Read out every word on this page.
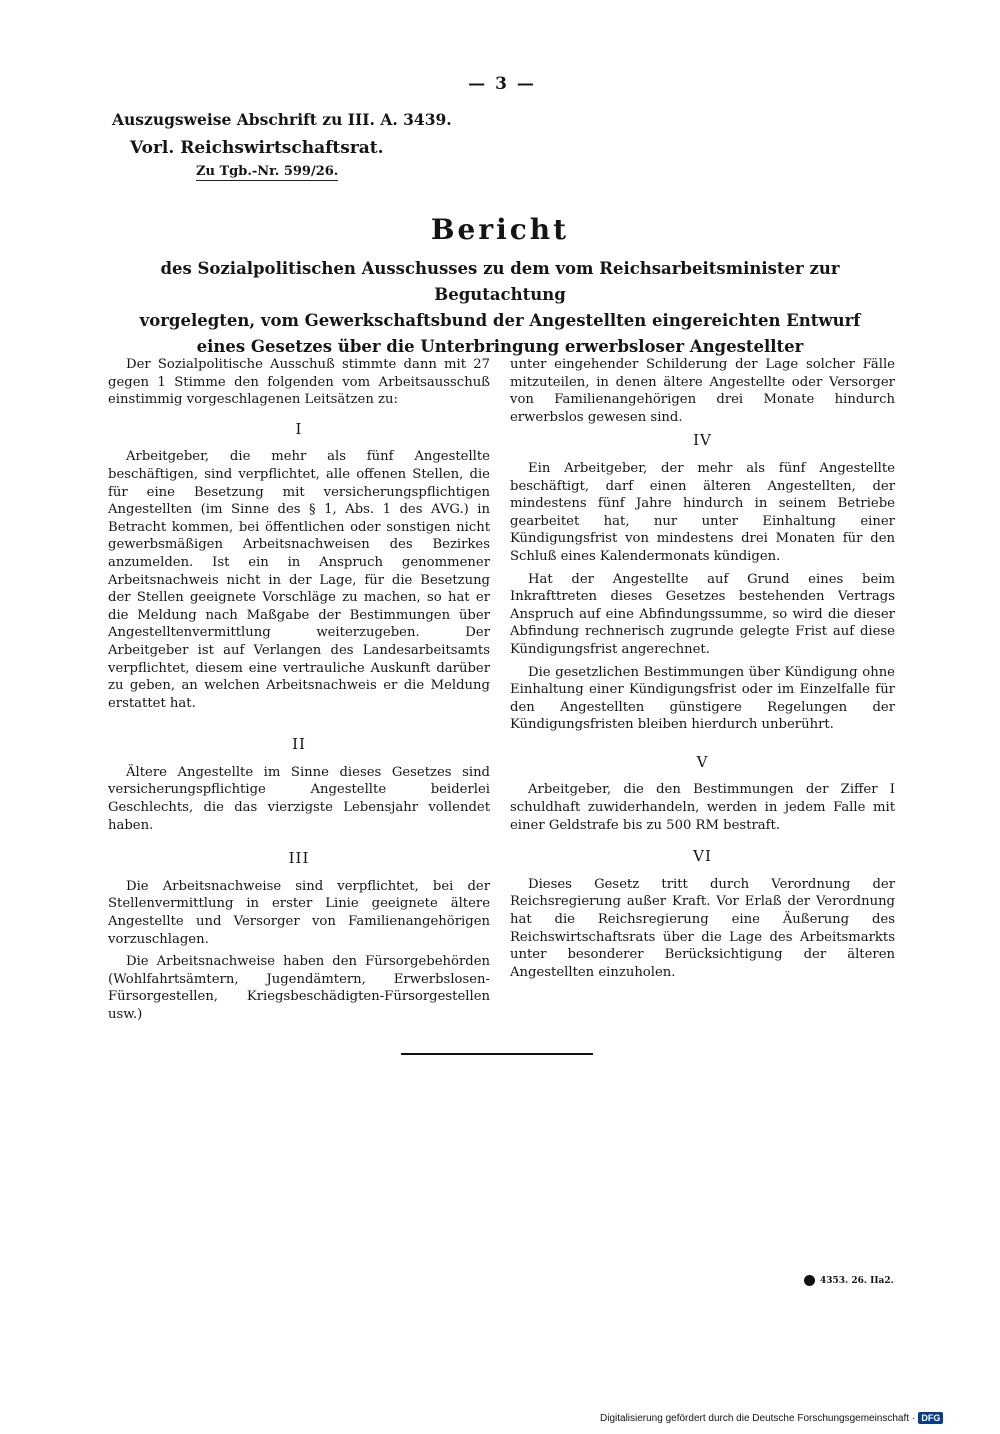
— 3 —
Auszugsweise Abschrift zu III. A. 3439.
Vorl. Reichswirtschaftsrat.
Zu Tgb.-Nr. 599/26.
Bericht
des Sozialpolitischen Ausschusses zu dem vom Reichsarbeitsminister zur Begutachtung
vorgelegten, vom Gewerkschaftsbund der Angestellten eingereichten Entwurf
eines Gesetzes über die Unterbringung erwerbsloser Angestellter

Der Sozialpolitische Ausschuß stimmte dann mit 27 gegen 1 Stimme den folgenden vom Arbeitsausschuß einstimmig vorgeschlagenen Leitsätzen zu:

I

Arbeitgeber, die mehr als fünf Angestellte beschäftigen, sind verpflichtet, alle offenen Stellen, die für eine Besetzung mit versicherungspflichtigen Angestellten (im Sinne des § 1, Abs. 1 des AVG.) in Betracht kommen, bei öffentlichen oder sonstigen nicht gewerbsmäßigen Arbeitsnachweisen des Bezirkes anzumelden. Ist ein in Anspruch genommener Arbeitsnachweis nicht in der Lage, für die Besetzung der Stellen geeignete Vorschläge zu machen, so hat er die Meldung nach Maßgabe der Bestimmungen über Angestelltenvermittlung weiterzugeben. Der Arbeitgeber ist auf Verlangen des Landesarbeitsamts verpflichtet, diesem eine vertrauliche Auskunft darüber zu geben, an welchen Arbeitsnachweis er die Meldung erstattet hat.

II

Ältere Angestellte im Sinne dieses Gesetzes sind versicherungspflichtige Angestellte beiderlei Geschlechts, die das vierzigste Lebensjahr vollendet haben.

III

Die Arbeitsnachweise sind verpflichtet, bei der Stellenvermittlung in erster Linie geeignete ältere Angestellte und Versorger von Familienangehörigen vorzuschlagen.

Die Arbeitsnachweise haben den Fürsorgebehörden (Wohlfahrtsämtern, Jugendämtern, Erwerbslosen-Fürsorgestellen, Kriegsbeschädigten-Fürsorgestellen usw.)

unter eingehender Schilderung der Lage solcher Fälle mitzuteilen, in denen ältere Angestellte oder Versorger von Familienangehörigen drei Monate hindurch erwerbslos gewesen sind.

IV

Ein Arbeitgeber, der mehr als fünf Angestellte beschäftigt, darf einen älteren Angestellten, der mindestens fünf Jahre hindurch in seinem Betriebe gearbeitet hat, nur unter Einhaltung einer Kündigungsfrist von mindestens drei Monaten für den Schluß eines Kalendermonats kündigen.

Hat der Angestellte auf Grund eines beim Inkrafttreten dieses Gesetzes bestehenden Vertrags Anspruch auf eine Abfindungssumme, so wird die dieser Abfindung rechnerisch zugrunde gelegte Frist auf diese Kündigungsfrist angerechnet.

Die gesetzlichen Bestimmungen über Kündigung ohne Einhaltung einer Kündigungsfrist oder im Einzelfalle für den Angestellten günstigere Regelungen der Kündigungsfristen bleiben hierdurch unberührt.

V

Arbeitgeber, die den Bestimmungen der Ziffer I schuldhaft zuwiderhandeln, werden in jedem Falle mit einer Geldstrafe bis zu 500 RM bestraft.

VI

Dieses Gesetz tritt durch Verordnung der Reichsregierung außer Kraft. Vor Erlaß der Verordnung hat die Reichsregierung eine Äußerung des Reichswirtschaftsrats über die Lage des Arbeitsmarkts unter besonderer Berücksichtigung der älteren Angestellten einzuholen.

4353. 26. IIa2.
Digitalisierung gefördert durch die Deutsche Forschungsgemeinschaft · DFG
